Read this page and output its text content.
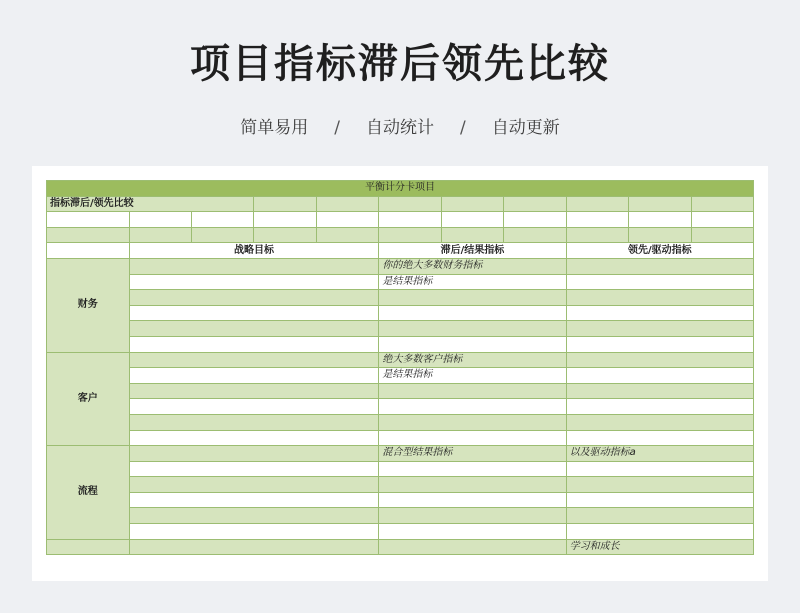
项目指标滞后领先比较
简单易用 / 自动统计 / 自动更新
平衡计分卡项目										
指标滞后/领先比较										

	战略目标				滞后/结果指标			领先/驱动指标		
财务					你的绝大多数财务指标					
					是结果指标					

客户					绝大多数客户指标					
					是结果指标					

流程					混合型结果指标			以及驱动指标a		

								学习和成长		
